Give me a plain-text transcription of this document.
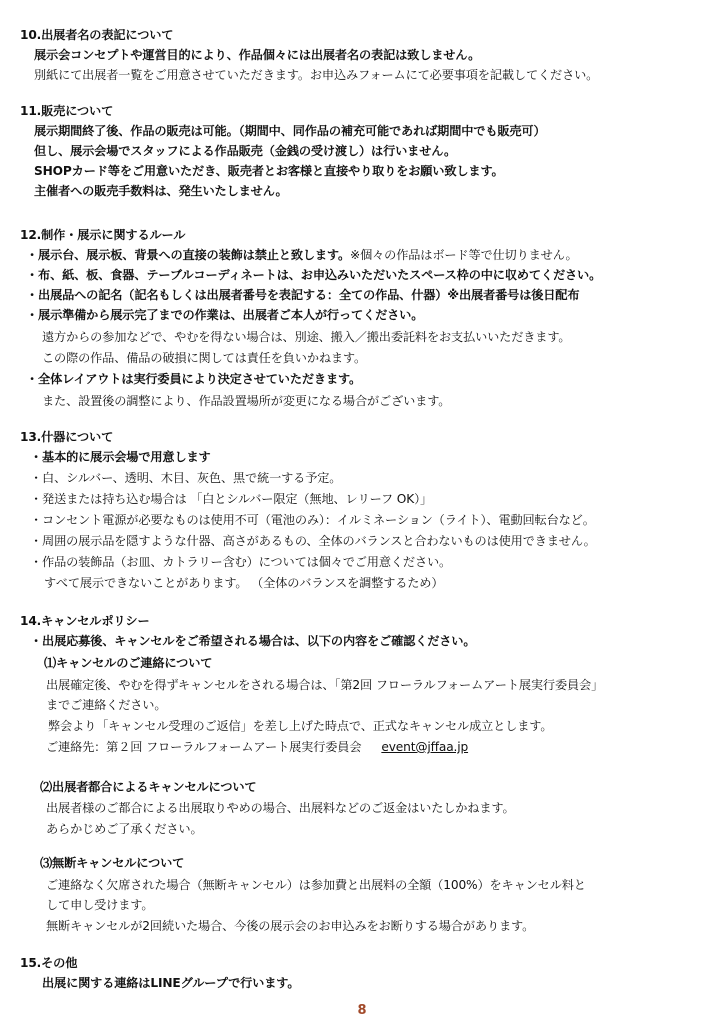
10.出展者名の表記について
展示会コンセプトや運営目的により、作品個々には出展者名の表記は致しません。
別紙にて出展者一覧をご用意させていただきます。お申込みフォームにて必要事項を記載してください。
11.販売について
展示期間終了後、作品の販売は可能。（期間中、同作品の補充可能であれば期間中でも販売可）
但し、展示会場でスタッフによる作品販売（金銭の受け渡し）は行いません。
SHOPカード等をご用意いただき、販売者とお客様と直接やり取りをお願い致します。
主催者への販売手数料は、発生いたしません。
12.制作・展示に関するルール
・展示台、展示板、背景への直接の装飾は禁止と致します。※個々の作品はボード等で仕切りません。
・布、紙、板、食器、テーブルコーディネートは、お申込みいただいたスペース枠の中に収めてください。
・出展品への記名（記名もしくは出展者番号を表記する：全ての作品、什器）※出展者番号は後日配布
・展示準備から展示完了までの作業は、出展者ご本人が行ってください。
遠方からの参加などで、やむを得ない場合は、別途、搬入／搬出委託料をお支払いいただきます。
この際の作品、備品の破損に関しては責任を負いかねます。
・全体レイアウトは実行委員により決定させていただきます。
また、設置後の調整により、作品設置場所が変更になる場合がございます。
13.什器について
・基本的に展示会場で用意します
・白、シルバー、透明、木目、灰色、黒で統一する予定。
・発送または持ち込む場合は 「白とシルバー限定（無地、レリーフ OK）」
・コンセント電源が必要なものは使用不可（電池のみ）：イルミネーション（ライト）、電動回転台など。
・周囲の展示品を隠すような什器、高さがあるもの、全体のバランスと合わないものは使用できません。
・作品の装飾品（お皿、カトラリー含む）については個々でご用意ください。
すべて展示できないことがあります。 （全体のバランスを調整するため）
14.キャンセルポリシー
・出展応募後、キャンセルをご希望される場合は、以下の内容をご確認ください。
⑴キャンセルのご連絡について
出展確定後、やむを得ずキャンセルをされる場合は、「第2回 フローラルフォームアート展実行委員会」
までご連絡ください。
弊会より「キャンセル受理のご返信」を差し上げた時点で、正式なキャンセル成立とします。
ご連絡先：第２回 フローラルフォームアート展実行委員会 event@jffaa.jp
⑵出展者都合によるキャンセルについて
出展者様のご都合による出展取りやめの場合、出展料などのご返金はいたしかねます。
あらかじめご了承ください。
⑶無断キャンセルについて
ご連絡なく欠席された場合（無断キャンセル）は参加費と出展料の全額（100%）をキャンセル料と
して申し受けます。
無断キャンセルが2回続いた場合、今後の展示会のお申込みをお断りする場合があります。
15.その他
出展に関する連絡はLINEグループで行います。
8
